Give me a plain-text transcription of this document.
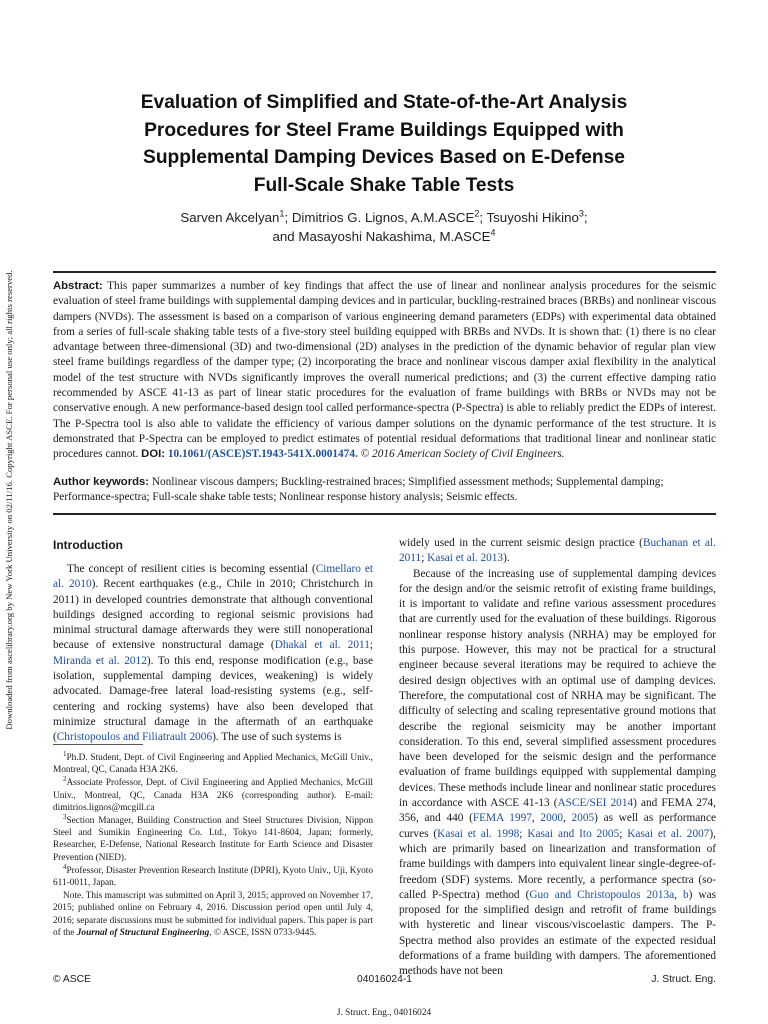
Downloaded from ascelibrary.org by New York University on 02/11/16. Copyright ASCE. For personal use only; all rights reserved.
Evaluation of Simplified and State-of-the-Art Analysis
Procedures for Steel Frame Buildings Equipped with
Supplemental Damping Devices Based on E-Defense
Full-Scale Shake Table Tests
Sarven Akcelyan$^1$; Dimitrios G. Lignos, A.M.ASCE$^2$; Tsuyoshi Hikino$^3$;
and Masayoshi Nakashima, M.ASCE$^4$

Abstract: This paper summarizes a number of key findings that affect the use of linear and nonlinear analysis procedures for the seismic evaluation of steel frame buildings with supplemental damping devices and in particular, buckling-restrained braces (BRBs) and nonlinear viscous dampers (NVDs). The assessment is based on a comparison of various engineering demand parameters (EDPs) with experimental data obtained from a series of full-scale shaking table tests of a five-story steel building equipped with BRBs and NVDs. It is shown that: (1) there is no clear advantage between three-dimensional (3D) and two-dimensional (2D) analyses in the prediction of the dynamic behavior of regular plan view steel frame buildings regardless of the damper type; (2) incorporating the brace and nonlinear viscous damper axial flexibility in the analytical model of the test structure with NVDs significantly improves the overall numerical predictions; and (3) the current effective damping ratio recommended by ASCE 41-13 as part of linear static procedures for the evaluation of frame buildings with BRBs or NVDs may not be conservative enough. A new performance-based design tool called performance-spectra (P-Spectra) is able to reliably predict the EDPs of interest. The P-Spectra tool is also able to validate the efficiency of various damper solutions on the dynamic performance of the test structure. It is demonstrated that P-Spectra can be employed to predict estimates of potential residual deformations that traditional linear and nonlinear static procedures cannot. DOI: 10.1061/(ASCE)ST.1943-541X.0001474. © 2016 American Society of Civil Engineers.

Author keywords: Nonlinear viscous dampers; Buckling-restrained braces; Simplified assessment methods; Supplemental damping; Performance-spectra; Full-scale shake table tests; Nonlinear response history analysis; Seismic effects.

Introduction

The concept of resilient cities is becoming essential (Cimellaro et al. 2010). Recent earthquakes (e.g., Chile in 2010; Christchurch in 2011) in developed countries demonstrate that although conventional buildings designed according to regional seismic provisions had minimal structural damage afterwards they were still nonoperational because of extensive nonstructural damage (Dhakal et al. 2011; Miranda et al. 2012). To this end, response modification (e.g., base isolation, supplemental damping devices, weakening) is widely advocated. Damage-free lateral load-resisting systems (e.g., self-centering and rocking systems) have also been developed that minimize structural damage in the aftermath of an earthquake (Christopoulos and Filiatrault 2006). The use of such systems is

$^1$Ph.D. Student, Dept. of Civil Engineering and Applied Mechanics, McGill Univ., Montreal, QC, Canada H3A 2K6.

$^2$Associate Professor, Dept. of Civil Engineering and Applied Mechanics, McGill Univ., Montreal, QC, Canada H3A 2K6 (corresponding author). E-mail: dimitrios.lignos@mcgill.ca

$^3$Section Manager, Building Construction and Steel Structures Division, Nippon Steel and Sumikin Engineering Co. Ltd., Tokyo 141-8604, Japan; formerly, Researcher, E-Defense, National Research Institute for Earth Science and Disaster Prevention (NIED).

$^4$Professor, Disaster Prevention Research Institute (DPRI), Kyoto Univ., Uji, Kyoto 611-0011, Japan.

Note. This manuscript was submitted on April 3, 2015; approved on November 17, 2015; published online on February 4, 2016. Discussion period open until July 4, 2016; separate discussions must be submitted for individual papers. This paper is part of the Journal of Structural Engineering, © ASCE, ISSN 0733-9445.

widely used in the current seismic design practice (Buchanan et al. 2011; Kasai et al. 2013).

Because of the increasing use of supplemental damping devices for the design and/or the seismic retrofit of existing frame buildings, it is important to validate and refine various assessment procedures that are currently used for the evaluation of these buildings. Rigorous nonlinear response history analysis (NRHA) may be employed for this purpose. However, this may not be practical for a structural engineer because several iterations may be required to achieve the desired design objectives with an optimal use of damping devices. Therefore, the computational cost of NRHA may be significant. The difficulty of selecting and scaling representative ground motions that describe the regional seismicity may be another important consideration. To this end, several simplified assessment procedures have been developed for the seismic design and the performance evaluation of frame buildings equipped with supplemental damping devices. These methods include linear and nonlinear static procedures in accordance with ASCE 41-13 (ASCE/SEI 2014) and FEMA 274, 356, and 440 (FEMA 1997, 2000, 2005) as well as performance curves (Kasai et al. 1998; Kasai and Ito 2005; Kasai et al. 2007), which are primarily based on linearization and transformation of frame buildings with dampers into equivalent linear single-degree-of-freedom (SDF) systems. More recently, a performance spectra (so-called P-Spectra) method (Guo and Christopoulos 2013a, b) was proposed for the simplified design and retrofit of frame buildings with hysteretic and linear viscous/viscoelastic dampers. The P-Spectra method also provides an estimate of the expected residual deformations of a frame building with dampers. The aforementioned methods have not been

© ASCE	04016024-1	J. Struct. Eng.
J. Struct. Eng., 04016024
